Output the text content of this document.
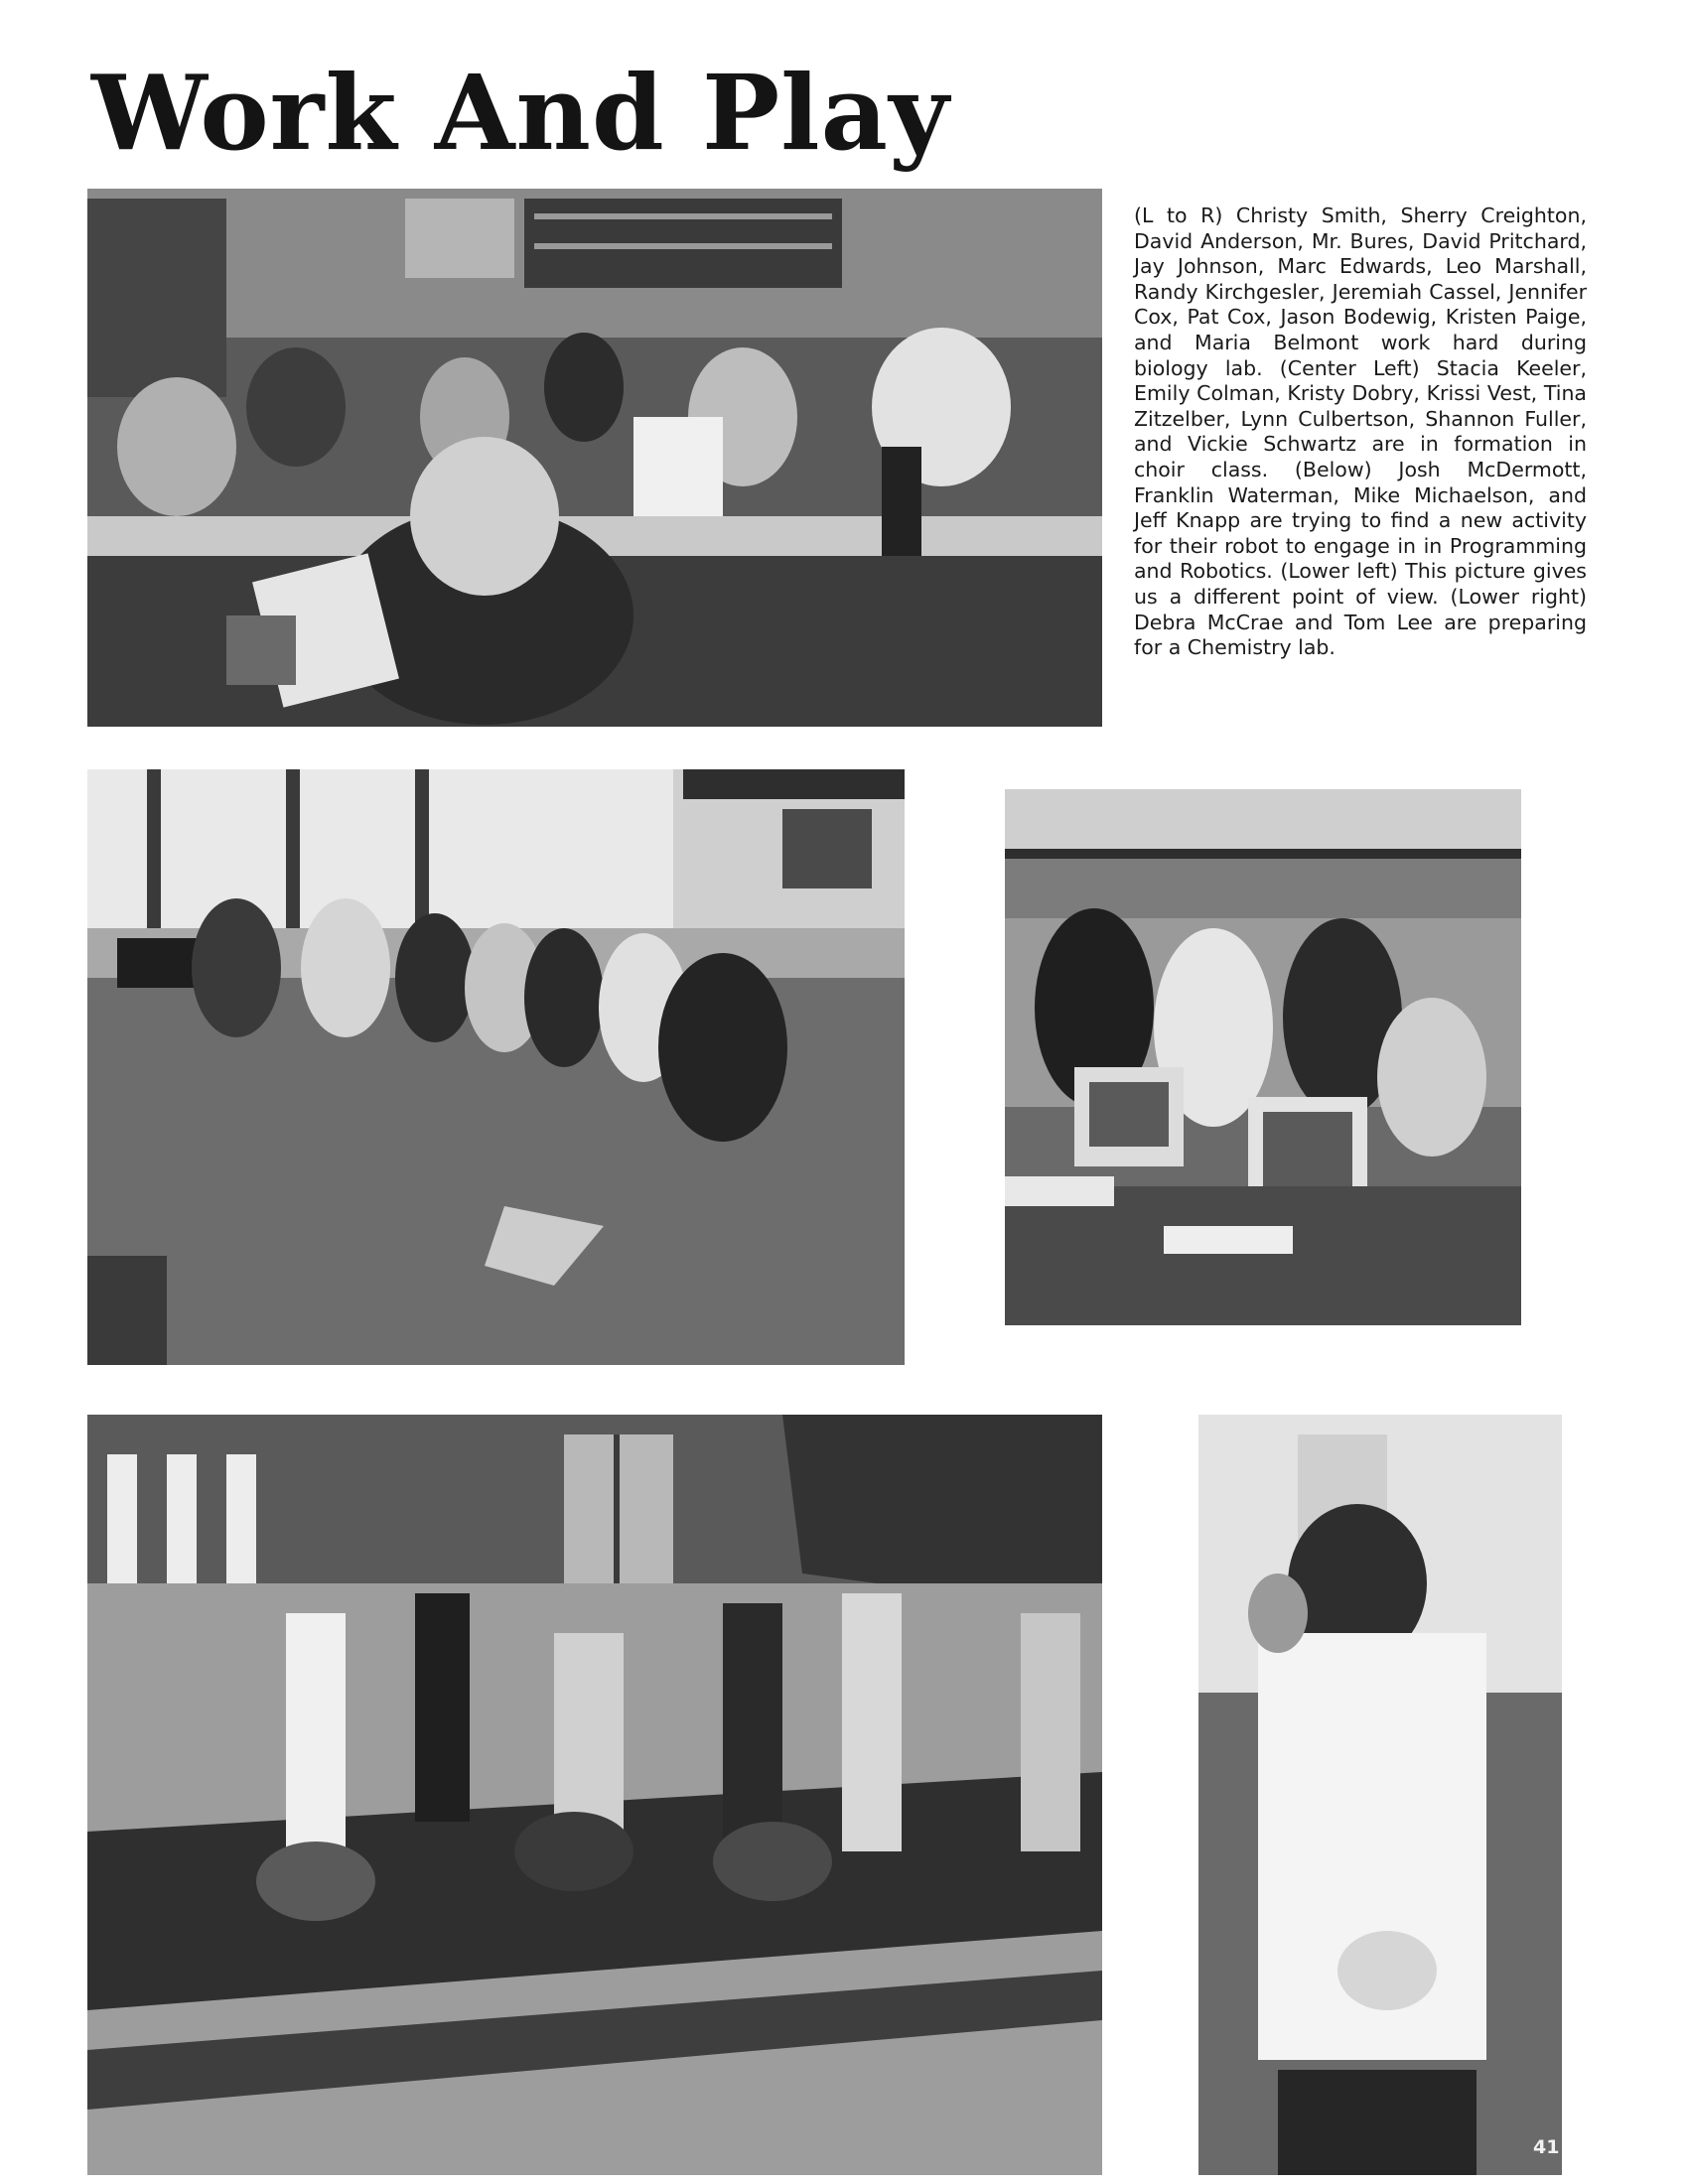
Work And Play

(L to R) Christy Smith, Sherry Creighton, David Anderson, Mr. Bures, David Pritchard, Jay Johnson, Marc Edwards, Leo Marshall, Randy Kirchgesler, Jeremiah Cassel, Jennifer Cox, Pat Cox, Jason Bodewig, Kristen Paige, and Maria Belmont work hard during biology lab. (Center Left) Stacia Keeler, Emily Colman, Kristy Dobry, Krissi Vest, Tina Zitzelber, Lynn Culbertson, Shannon Fuller, and Vickie Schwartz are in formation in choir class. (Below) Josh McDermott, Franklin Waterman, Mike Michaelson, and Jeff Knapp are trying to find a new activity for their robot to engage in in Programming and Robotics. (Lower left) This picture gives us a different point of view. (Lower right) Debra McCrae and Tom Lee are preparing for a Chemistry lab.

41
